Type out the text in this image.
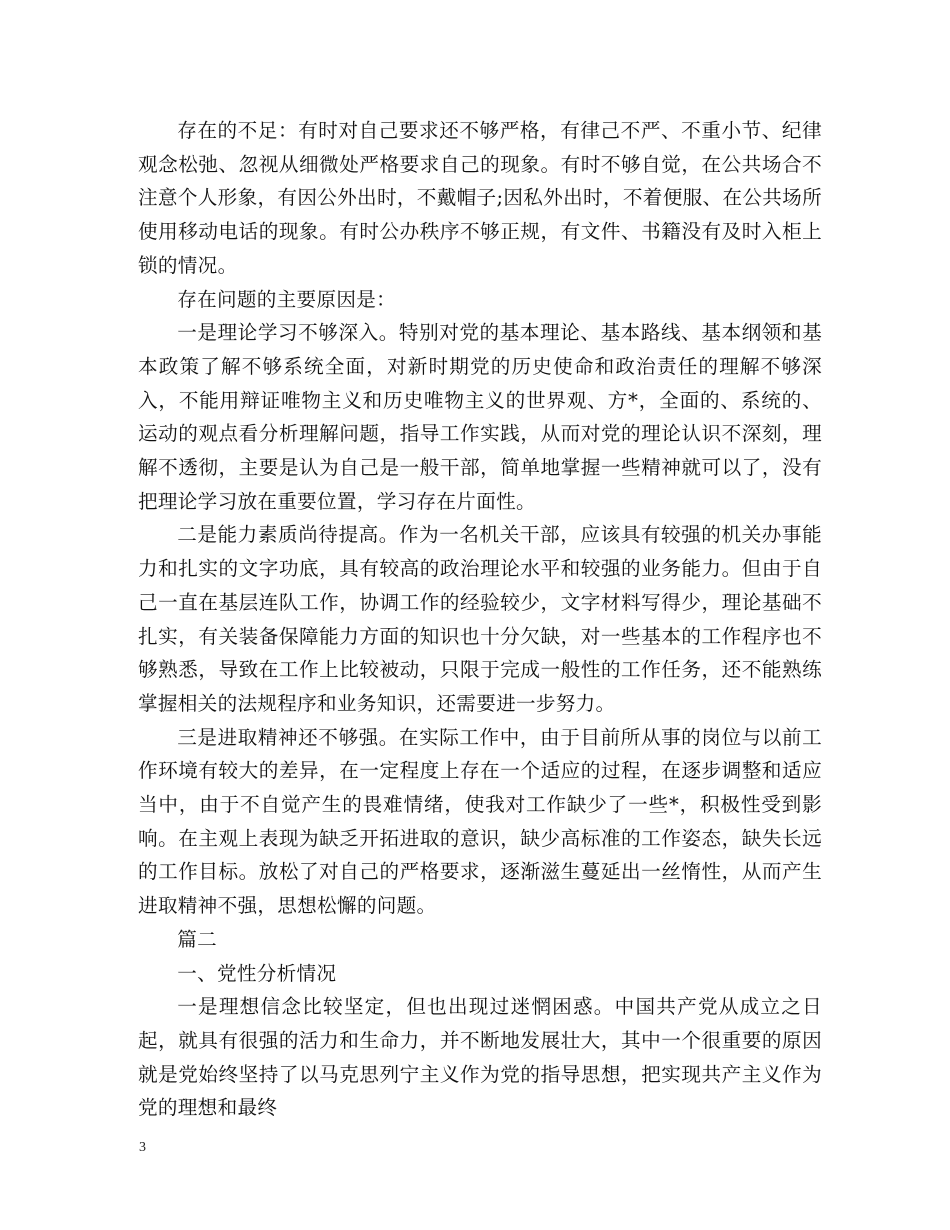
存在的不足：有时对自己要求还不够严格，有律己不严、不重小节、纪律观念松弛、忽视从细微处严格要求自己的现象。有时不够自觉，在公共场合不注意个人形象，有因公外出时，不戴帽子;因私外出时，不着便服、在公共场所使用移动电话的现象。有时公办秩序不够正规，有文件、书籍没有及时入柜上锁的情况。

存在问题的主要原因是：

一是理论学习不够深入。特别对党的基本理论、基本路线、基本纲领和基本政策了解不够系统全面，对新时期党的历史使命和政治责任的理解不够深入，不能用辩证唯物主义和历史唯物主义的世界观、方*，全面的、系统的、运动的观点看分析理解问题，指导工作实践，从而对党的理论认识不深刻，理解不透彻，主要是认为自己是一般干部，简单地掌握一些精神就可以了，没有把理论学习放在重要位置，学习存在片面性。

二是能力素质尚待提高。作为一名机关干部，应该具有较强的机关办事能力和扎实的文字功底，具有较高的政治理论水平和较强的业务能力。但由于自己一直在基层连队工作，协调工作的经验较少，文字材料写得少，理论基础不扎实，有关装备保障能力方面的知识也十分欠缺，对一些基本的工作程序也不够熟悉，导致在工作上比较被动，只限于完成一般性的工作任务，还不能熟练掌握相关的法规程序和业务知识，还需要进一步努力。

三是进取精神还不够强。在实际工作中，由于目前所从事的岗位与以前工作环境有较大的差异，在一定程度上存在一个适应的过程，在逐步调整和适应当中，由于不自觉产生的畏难情绪，使我对工作缺少了一些*，积极性受到影响。在主观上表现为缺乏开拓进取的意识，缺少高标准的工作姿态，缺失长远的工作目标。放松了对自己的严格要求，逐渐滋生蔓延出一丝惰性，从而产生进取精神不强，思想松懈的问题。

篇二

一、党性分析情况

一是理想信念比较坚定，但也出现过迷惘困惑。中国共产党从成立之日起，就具有很强的活力和生命力，并不断地发展壮大，其中一个很重要的原因就是党始终坚持了以马克思列宁主义作为党的指导思想，把实现共产主义作为党的理想和最终

3
